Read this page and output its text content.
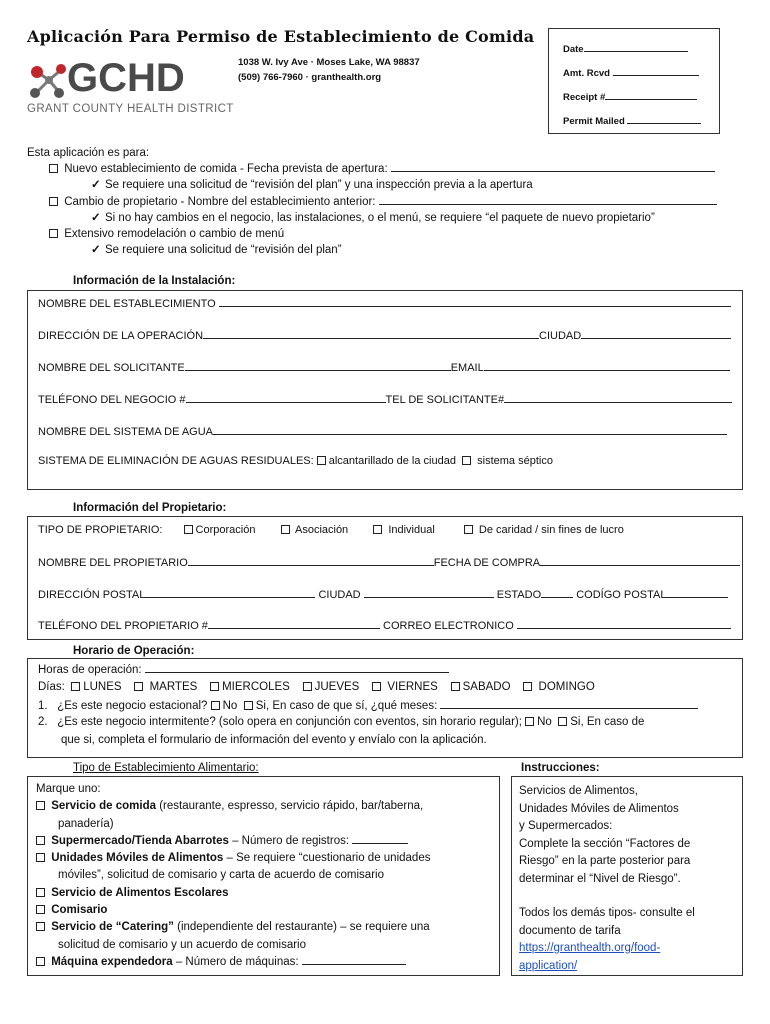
Aplicación Para Permiso de Establecimiento de Comida
GCHD
GRANT COUNTY HEALTH DISTRICT
1038 W. Ivy Ave · Moses Lake, WA 98837
(509) 766-7960 · granthealth.org
Date
Amt. Rcvd
Receipt #
Permit Mailed
Esta aplicación es para:
Nuevo establecimiento de comida - Fecha prevista de apertura:
✓ Se requiere una solicitud de “revisión del plan” y una inspección previa a la apertura
Cambio de propietario - Nombre del establecimiento anterior:
✓ Si no hay cambios en el negocio, las instalaciones, o el menú, se requiere “el paquete de nuevo propietario”
Extensivo remodelación o cambio de menú
✓ Se requiere una solicitud de “revisión del plan”
Información de la Instalación:
NOMBRE DEL ESTABLECIMIENTO
DIRECCIÓN DE LA OPERACIÓN	CIUDAD
NOMBRE DEL SOLICITANTE	EMAIL
TELÉFONO DEL NEGOCIO #	TEL DE SOLICITANTE#
NOMBRE DEL SISTEMA DE AGUA
SISTEMA DE ELIMINACIÓN DE AGUAS RESIDUALES: alcantarillado de la ciudad sistema séptico
Información del Propietario:
TIPO DE PROPIETARIO:	Corporación	Asociación	Individual	De caridad / sin fines de lucro
NOMBRE DEL PROPIETARIO	FECHA DE COMPRA
DIRECCIÓN POSTAL	CIUDAD	ESTADO	CODÍGO POSTAL
TELÉFONO DEL PROPIETARIO #	CORREO ELECTRONICO
Horario de Operación:
Horas de operación:
Días: LUNES MARTES MIERCOLES JUEVES VIERNES SABADO DOMINGO
1. ¿Es este negocio estacional? No Si, En caso de que sí, ¿qué meses:
2. ¿Es este negocio intermitente? (solo opera en conjunción con eventos, sin horario regular); No Si, En caso de
que si, completa el formulario de información del evento y envíalo con la aplicación.
Tipo de Establecimiento Alimentario:
Marque uno:
Servicio de comida (restaurante, espresso, servicio rápido, bar/taberna,
panadería)
Supermercado/Tienda Abarrotes – Número de registros:
Unidades Móviles de Alimentos – Se requiere “cuestionario de unidades
móviles”, solicitud de comisario y carta de acuerdo de comisario
Servicio de Alimentos Escolares
Comisario
Servicio de “Catering” (independiente del restaurante) – se requiere una
solicitud de comisario y un acuerdo de comisario
Máquina expendedora – Número de máquinas:
Instrucciones:
Servicios de Alimentos,
Unidades Móviles de Alimentos
y Supermercados:
Complete la sección “Factores de
Riesgo” en la parte posterior para
determinar el “Nivel de Riesgo”.
Todos los demás tipos- consulte el
documento de tarifa
https://granthealth.org/food-
application/
